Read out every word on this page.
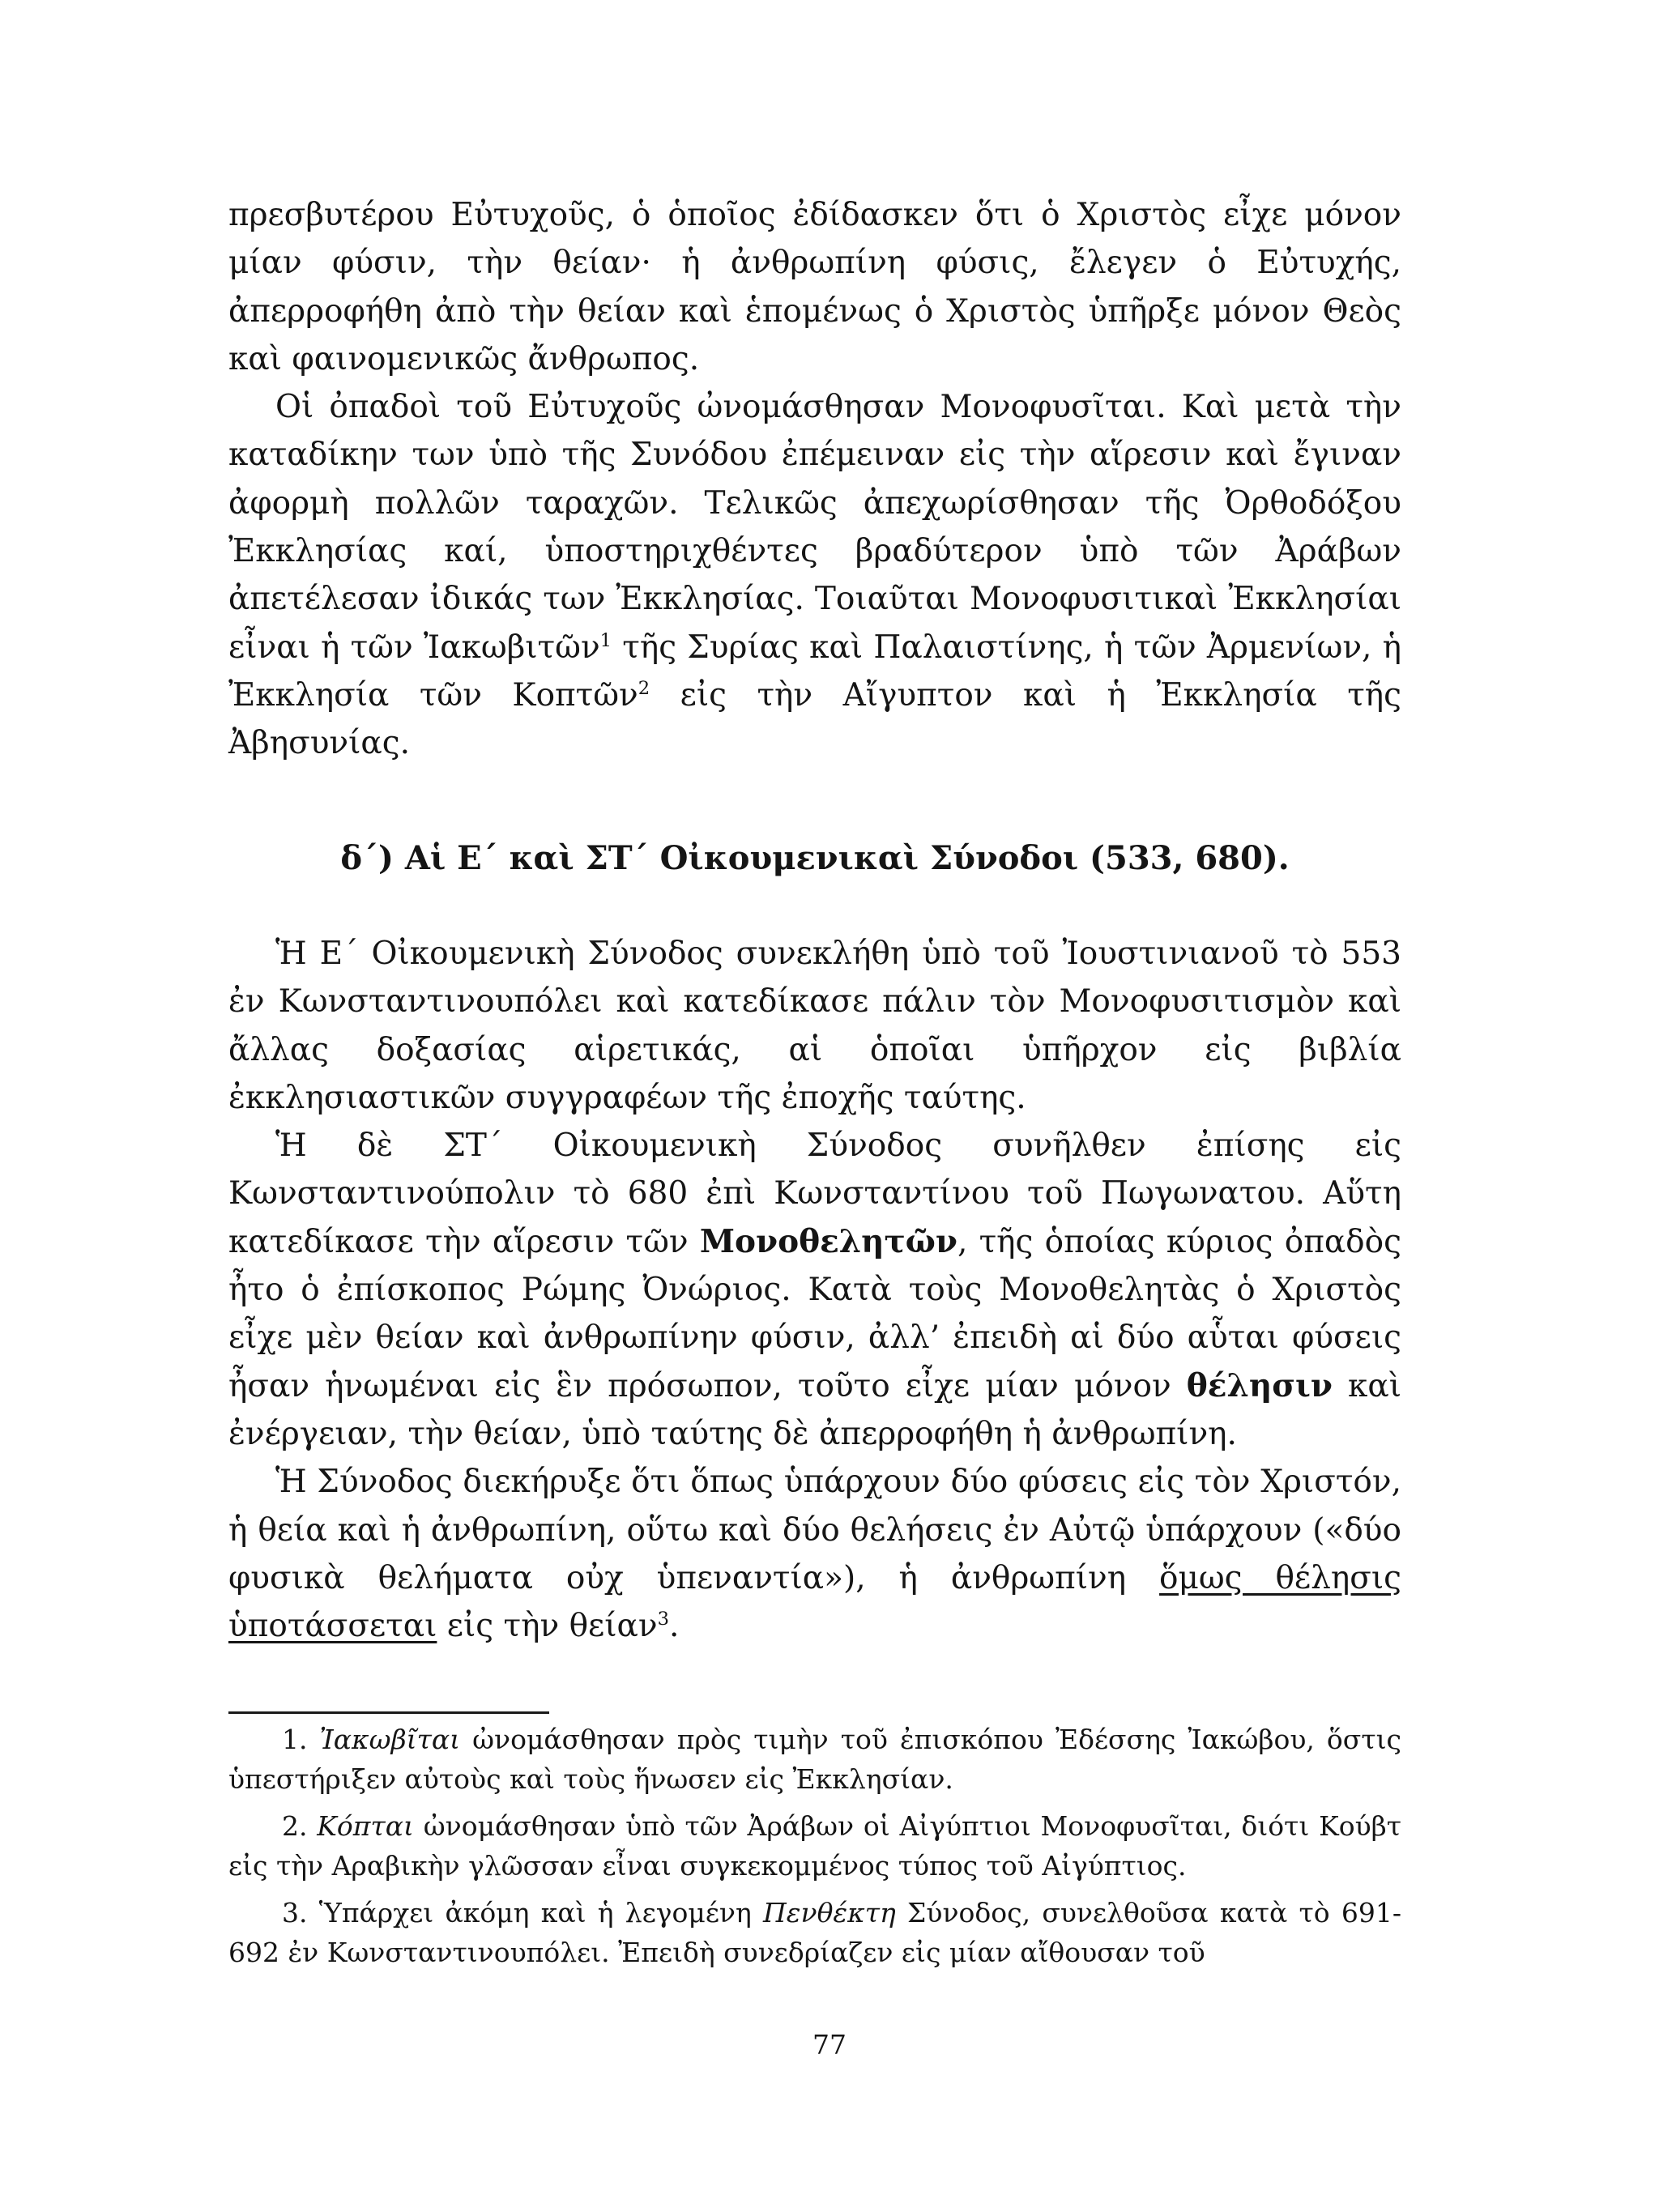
πρεσβυτέρου Εὐτυχοῦς, ὁ ὁποῖος ἐδίδασκεν ὅτι ὁ Χριστὸς εἶχε μόνον μίαν φύσιν, τὴν θείαν· ἡ ἀνθρωπίνη φύσις, ἔλεγεν ὁ Εὐτυχής, ἀπερροφήθη ἀπὸ τὴν θείαν καὶ ἑπομένως ὁ Χριστὸς ὑπῆρξε μόνον Θεὸς καὶ φαινομενικῶς ἄνθρωπος.

Οἱ ὀπαδοὶ τοῦ Εὐτυχοῦς ὠνομάσθησαν Μονοφυσῖται. Καὶ μετὰ τὴν καταδίκην των ὑπὸ τῆς Συνόδου ἐπέμειναν εἰς τὴν αἵρεσιν καὶ ἔγιναν ἀφορμὴ πολλῶν ταραχῶν. Τελικῶς ἀπεχωρίσθησαν τῆς Ὀρθοδόξου Ἐκκλησίας καί, ὑποστηριχθέντες βραδύτερον ὑπὸ τῶν Ἀράβων ἀπετέλεσαν ἰδικάς των Ἐκκλησίας. Τοιαῦται Μονοφυσιτικαὶ Ἐκκλησίαι εἶναι ἡ τῶν Ἰακωβιτῶν$^1$ τῆς Συρίας καὶ Παλαιστίνης, ἡ τῶν Ἀρμενίων, ἡ Ἐκκλησία τῶν Κοπτῶν$^2$ εἰς τὴν Αἴγυπτον καὶ ἡ Ἐκκλησία τῆς Ἀβησυνίας.

δ΄) Αἱ Ε΄ καὶ ΣΤ΄ Οἰκουμενικαὶ Σύνοδοι (533, 680).

Ἡ Ε΄ Οἰκουμενικὴ Σύνοδος συνεκλήθη ὑπὸ τοῦ Ἰουστινιανοῦ τὸ 553 ἐν Κωνσταντινουπόλει καὶ κατεδίκασε πάλιν τὸν Μονοφυσιτισμὸν καὶ ἄλλας δοξασίας αἱρετικάς, αἱ ὁποῖαι ὑπῆρχον εἰς βιβλία ἐκκλησιαστικῶν συγγραφέων τῆς ἐποχῆς ταύτης.

Ἡ δὲ ΣΤ΄ Οἰκουμενικὴ Σύνοδος συνῆλθεν ἐπίσης εἰς Κωνσταντινούπολιν τὸ 680 ἐπὶ Κωνσταντίνου τοῦ Πωγωνατου. Αὕτη κατεδίκασε τὴν αἵρεσιν τῶν Μονοθελητῶν, τῆς ὁποίας κύριος ὀπαδὸς ἦτο ὁ ἐπίσκοπος Ρώμης Ὀνώριος. Κατὰ τοὺς Μονοθελητὰς ὁ Χριστὸς εἶχε μὲν θείαν καὶ ἀνθρωπίνην φύσιν, ἀλλ’ ἐπειδὴ αἱ δύο αὗται φύσεις ἦσαν ἡνωμέναι εἰς ἓν πρόσωπον, τοῦτο εἶχε μίαν μόνον θέλησιν καὶ ἐνέργειαν, τὴν θείαν, ὑπὸ ταύτης δὲ ἀπερροφήθη ἡ ἀνθρωπίνη.

Ἡ Σύνοδος διεκήρυξε ὅτι ὅπως ὑπάρχουν δύο φύσεις εἰς τὸν Χριστόν, ἡ θεία καὶ ἡ ἀνθρωπίνη, οὕτω καὶ δύο θελήσεις ἐν Αὐτῷ ὑπάρχουν («δύο φυσικὰ θελήματα οὐχ ὑπεναντία»), ἡ ἀνθρωπίνη ὅμως θέλησις ὑποτάσσεται εἰς τὴν θείαν$^3$.

1. Ἰακωβῖται ὠνομάσθησαν πρὸς τιμὴν τοῦ ἐπισκόπου Ἐδέσσης Ἰακώβου, ὅστις ὑπεστήριξεν αὐτοὺς καὶ τοὺς ἥνωσεν εἰς Ἐκκλησίαν.

2. Κόπται ὠνομάσθησαν ὑπὸ τῶν Ἀράβων οἱ Αἰγύπτιοι Μονοφυσῖται, διότι Κούβτ εἰς τὴν Αραβικὴν γλῶσσαν εἶναι συγκεκομμένος τύπος τοῦ Αἰγύπτιος.

3. Ὑπάρχει ἀκόμη καὶ ἡ λεγομένη Πενθέκτη Σύνοδος, συνελθοῦσα κατὰ τὸ 691-692 ἐν Κωνσταντινουπόλει. Ἐπειδὴ συνεδρίαζεν εἰς μίαν αἴθουσαν τοῦ

77
